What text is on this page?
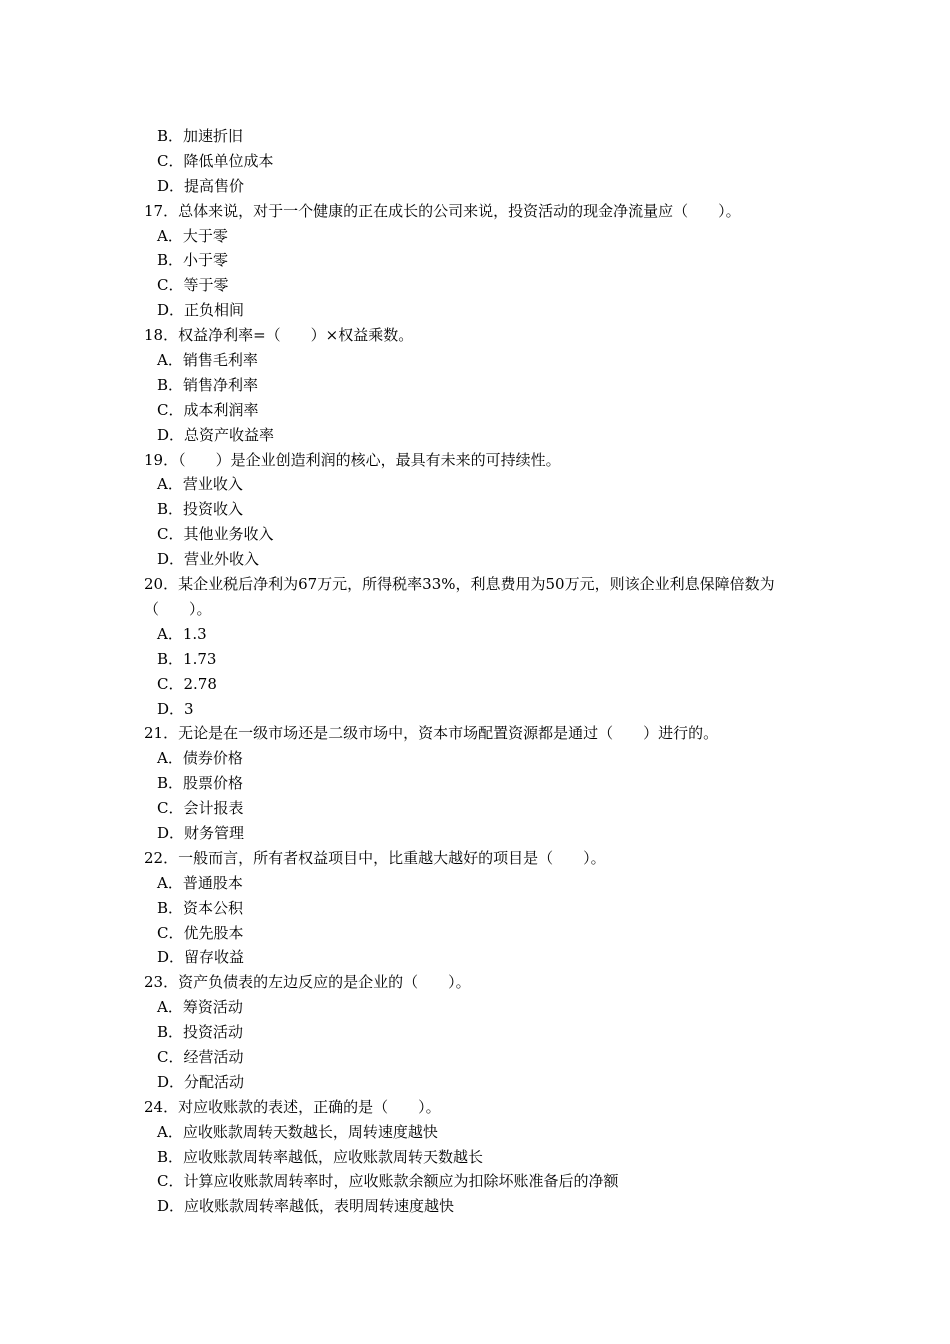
B．加速折旧
C．降低单位成本
D．提高售价
17．总体来说，对于一个健康的正在成长的公司来说，投资活动的现金净流量应（　　）。
A．大于零
B．小于零
C．等于零
D．正负相间
18．权益净利率=（　　）×权益乘数。
A．销售毛利率
B．销售净利率
C．成本利润率
D．总资产收益率
19．（　　）是企业创造利润的核心，最具有未来的可持续性。
A．营业收入
B．投资收入
C．其他业务收入
D．营业外收入
20．某企业税后净利为67万元，所得税率33%，利息费用为50万元，则该企业利息保障倍数为（　　）。
A．1.3
B．1.73
C．2.78
D．3
21．无论是在一级市场还是二级市场中，资本市场配置资源都是通过（　　）进行的。
A．债券价格
B．股票价格
C．会计报表
D．财务管理
22．一般而言，所有者权益项目中，比重越大越好的项目是（　　）。
A．普通股本
B．资本公积
C．优先股本
D．留存收益
23．资产负债表的左边反应的是企业的（　　）。
A．筹资活动
B．投资活动
C．经营活动
D．分配活动
24．对应收账款的表述，正确的是（　　）。
A．应收账款周转天数越长，周转速度越快
B．应收账款周转率越低，应收账款周转天数越长
C．计算应收账款周转率时，应收账款余额应为扣除坏账准备后的净额
D．应收账款周转率越低，表明周转速度越快
